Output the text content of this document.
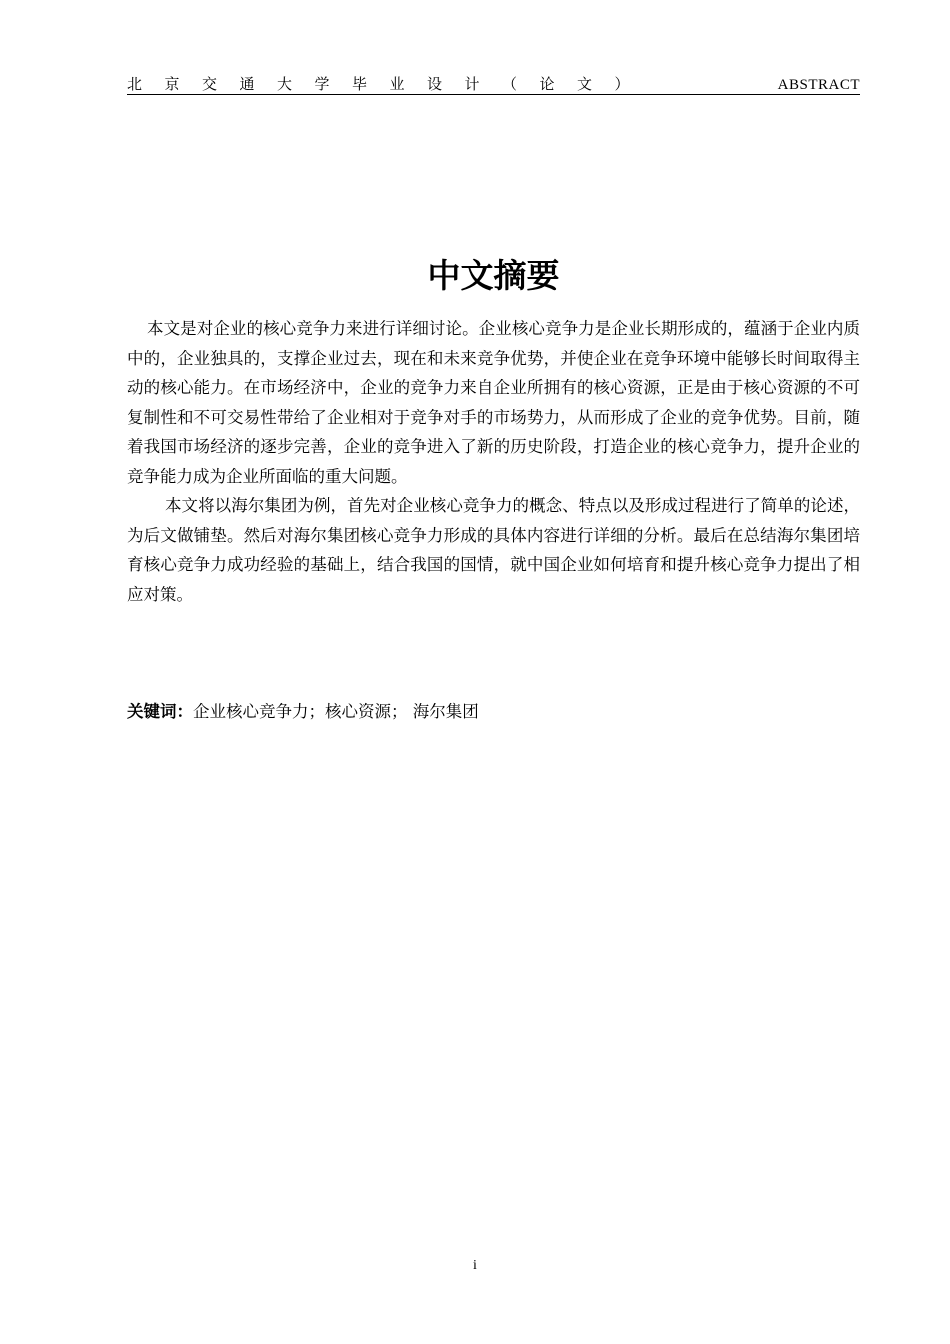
北京交通大学毕业设计（论文）	ABSTRACT
中文摘要

本文是对企业的核心竞争力来进行详细讨论。企业核心竞争力是企业长期形成的，蕴涵于企业内质中的，企业独具的，支撑企业过去，现在和未来竞争优势，并使企业在竞争环境中能够长时间取得主动的核心能力。在市场经济中，企业的竞争力来自企业所拥有的核心资源，正是由于核心资源的不可复制性和不可交易性带给了企业相对于竞争对手的市场势力，从而形成了企业的竞争优势。目前，随着我国市场经济的逐步完善，企业的竞争进入了新的历史阶段，打造企业的核心竞争力，提升企业的竞争能力成为企业所面临的重大问题。

本文将以海尔集团为例，首先对企业核心竞争力的概念、特点以及形成过程进行了简单的论述，为后文做铺垫。然后对海尔集团核心竞争力形成的具体内容进行详细的分析。最后在总结海尔集团培育核心竞争力成功经验的基础上，结合我国的国情，就中国企业如何培育和提升核心竞争力提出了相应对策。

关键词：企业核心竞争力；核心资源； 海尔集团
i
